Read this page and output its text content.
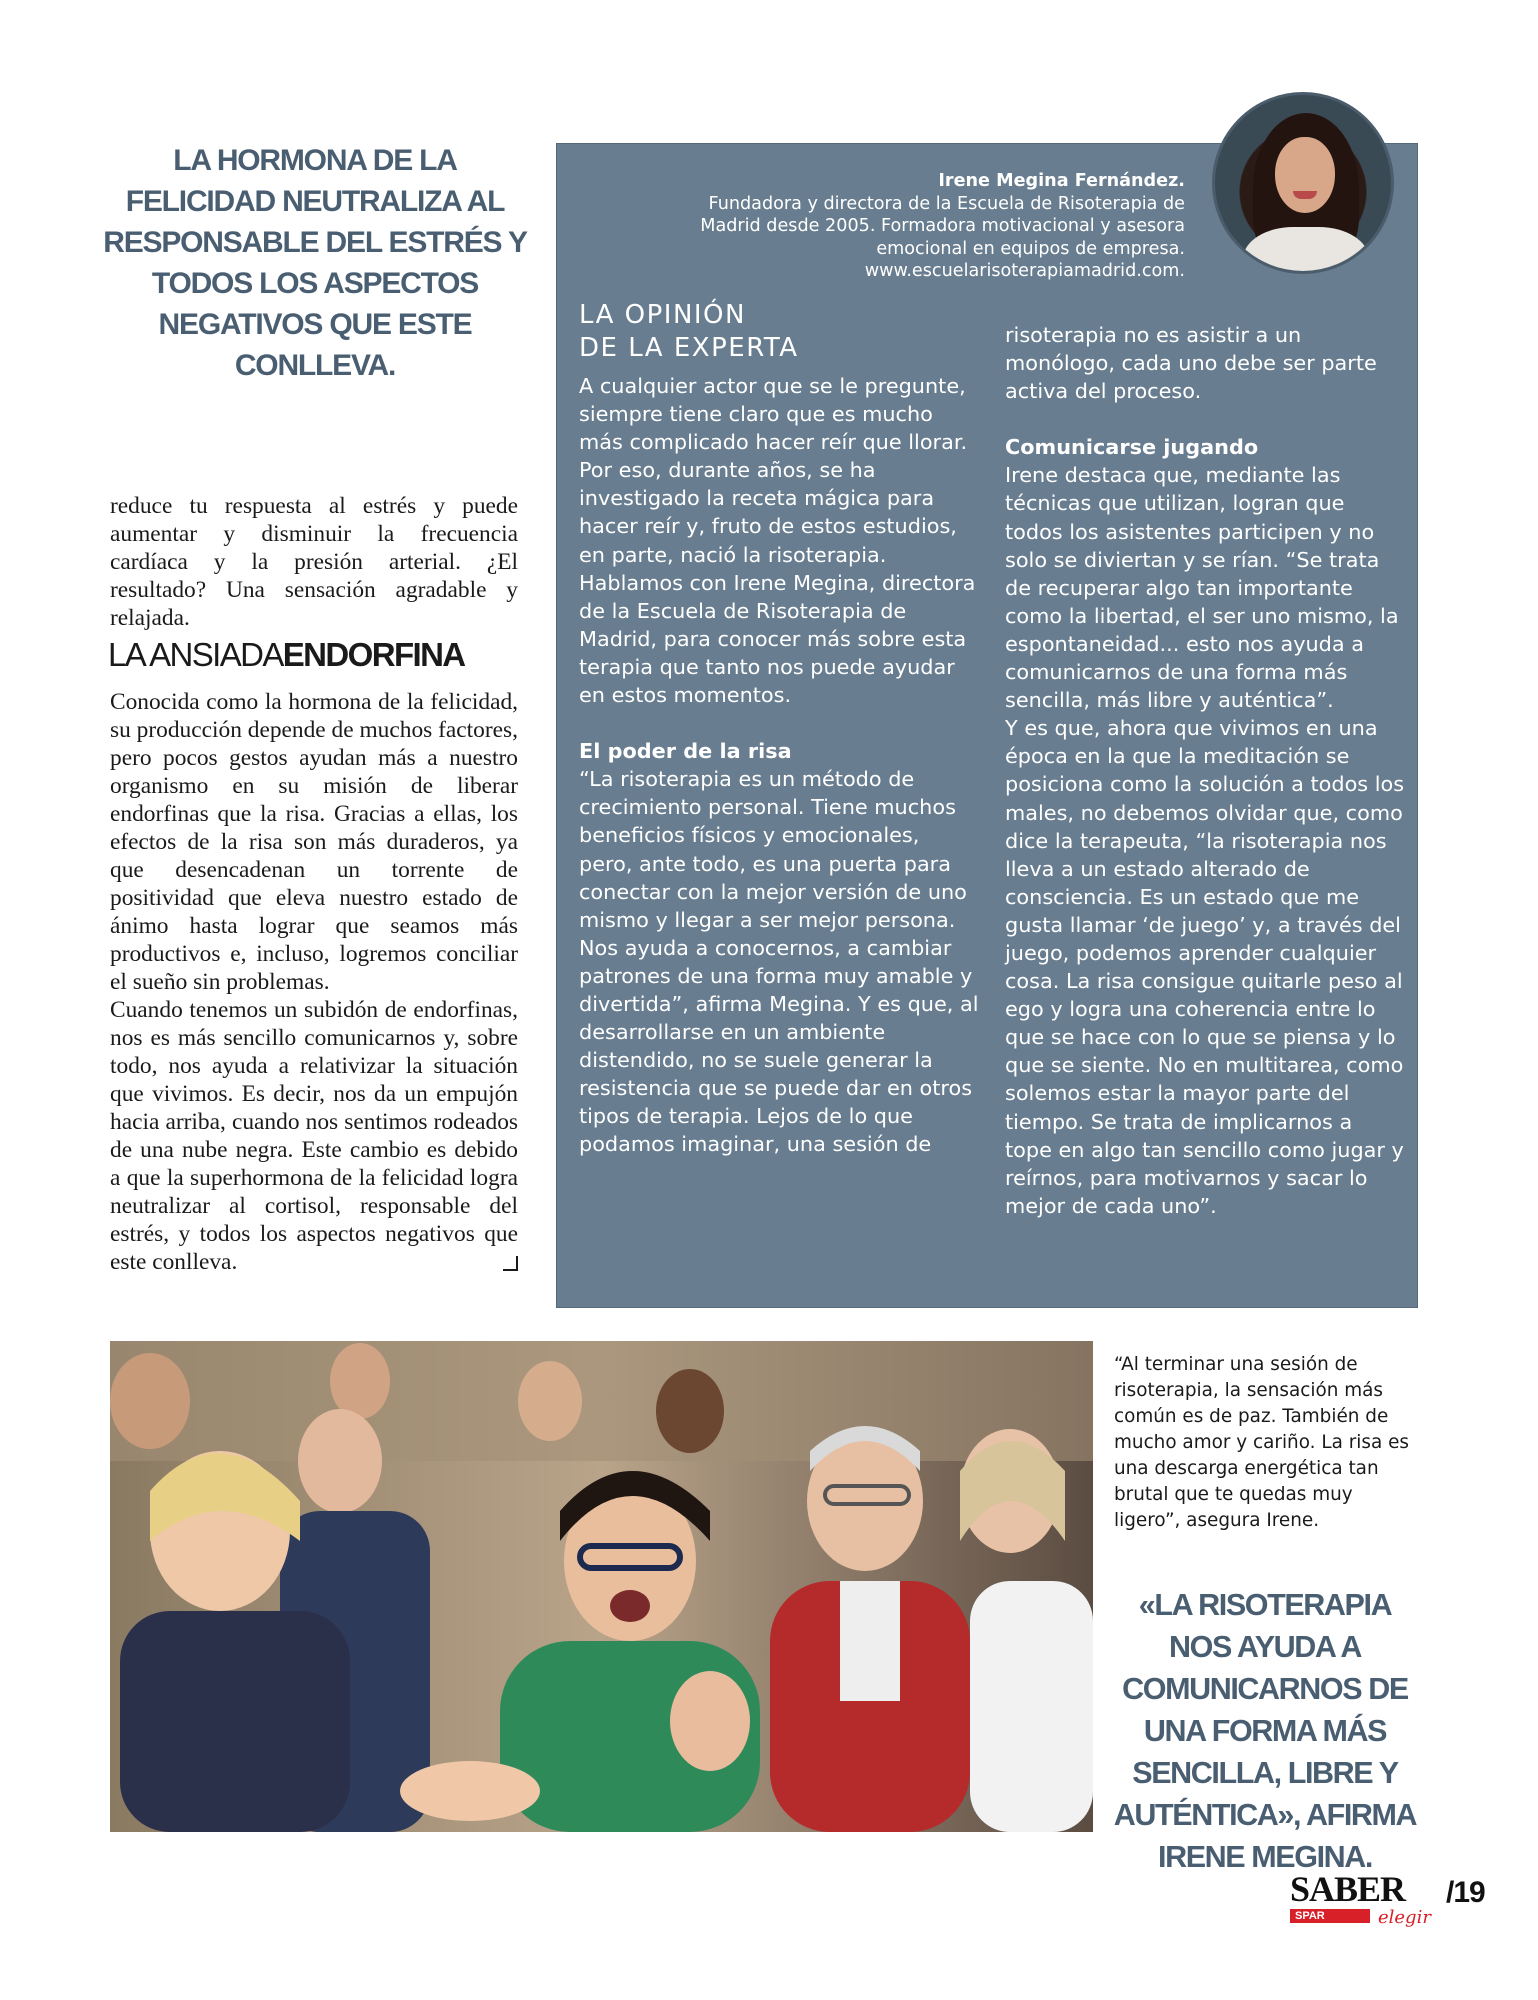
LA HORMONA DE LA FELICIDAD NEUTRALIZA AL RESPONSABLE DEL ESTRÉS Y TODOS LOS ASPECTOS NEGATIVOS QUE ESTE CONLLEVA.

reduce tu respuesta al estrés y puede aumentar y disminuir la frecuencia cardíaca y la presión arterial. ¿El resultado? Una sensación agradable y relajada.

LA ANSIADAENDORFINA

Conocida como la hormona de la felicidad, su producción depende de muchos factores, pero pocos gestos ayudan más a nuestro organismo en su misión de liberar endorfinas que la risa. Gracias a ellas, los efectos de la risa son más duraderos, ya que desencadenan un torrente de positividad que eleva nuestro estado de ánimo hasta lograr que seamos más productivos e, incluso, logremos conciliar el sueño sin problemas.

Cuando tenemos un subidón de endorfinas, nos es más sencillo comunicarnos y, sobre todo, nos ayuda a relativizar la situación que vivimos. Es decir, nos da un empujón hacia arriba, cuando nos sentimos rodeados de una nube negra. Este cambio es debido a que la superhormona de la felicidad logra neutralizar al cortisol, responsable del estrés, y todos los aspectos negativos que este conlleva.

Irene Megina Fernández.
Fundadora y directora de la Escuela de Risoterapia de Madrid desde 2005. Formadora motivacional y asesora emocional en equipos de empresa. www.escuelarisoterapiamadrid.com.
LA OPINIÓN
DE LA EXPERTA

A cualquier actor que se le pregunte, siempre tiene claro que es mucho más complicado hacer reír que llorar. Por eso, durante años, se ha investigado la receta mágica para hacer reír y, fruto de estos estudios, en parte, nació la risoterapia.

Hablamos con Irene Megina, directora de la Escuela de Risoterapia de Madrid, para conocer más sobre esta terapia que tanto nos puede ayudar en estos momentos.

El poder de la risa

“La risoterapia es un método de crecimiento personal. Tiene muchos beneficios físicos y emocionales, pero, ante todo, es una puerta para conectar con la mejor versión de uno mismo y llegar a ser mejor persona. Nos ayuda a conocernos, a cambiar patrones de una forma muy amable y divertida”, afirma Megina. Y es que, al desarrollarse en un ambiente distendido, no se suele generar la resistencia que se puede dar en otros tipos de terapia. Lejos de lo que podamos imaginar, una sesión de

risoterapia no es asistir a un monólogo, cada uno debe ser parte activa del proceso.

Comunicarse jugando

Irene destaca que, mediante las técnicas que utilizan, logran que todos los asistentes participen y no solo se diviertan y se rían. “Se trata de recuperar algo tan importante como la libertad, el ser uno mismo, la espontaneidad... esto nos ayuda a comunicarnos de una forma más sencilla, más libre y auténtica”.

Y es que, ahora que vivimos en una época en la que la meditación se posiciona como la solución a todos los males, no debemos olvidar que, como dice la terapeuta, “la risoterapia nos lleva a un estado alterado de consciencia. Es un estado que me gusta llamar ‘de juego’ y, a través del juego, podemos aprender cualquier cosa. La risa consigue quitarle peso al ego y logra una coherencia entre lo que se hace con lo que se piensa y lo que se siente. No en multitarea, como solemos estar la mayor parte del tiempo. Se trata de implicarnos a tope en algo tan sencillo como jugar y reírnos, para motivarnos y sacar lo mejor de cada uno”.

“Al terminar una sesión de risoterapia, la sensación más común es de paz. También de mucho amor y cariño. La risa es una descarga energética tan brutal que te quedas muy ligero”, asegura Irene.
«LA RISOTERAPIA NOS AYUDA A COMUNICARNOS DE UNA FORMA MÁS SENCILLA, LIBRE Y AUTÉNTICA», AFIRMA IRENE MEGINA.
SABER
SPAR	elegir
/19
